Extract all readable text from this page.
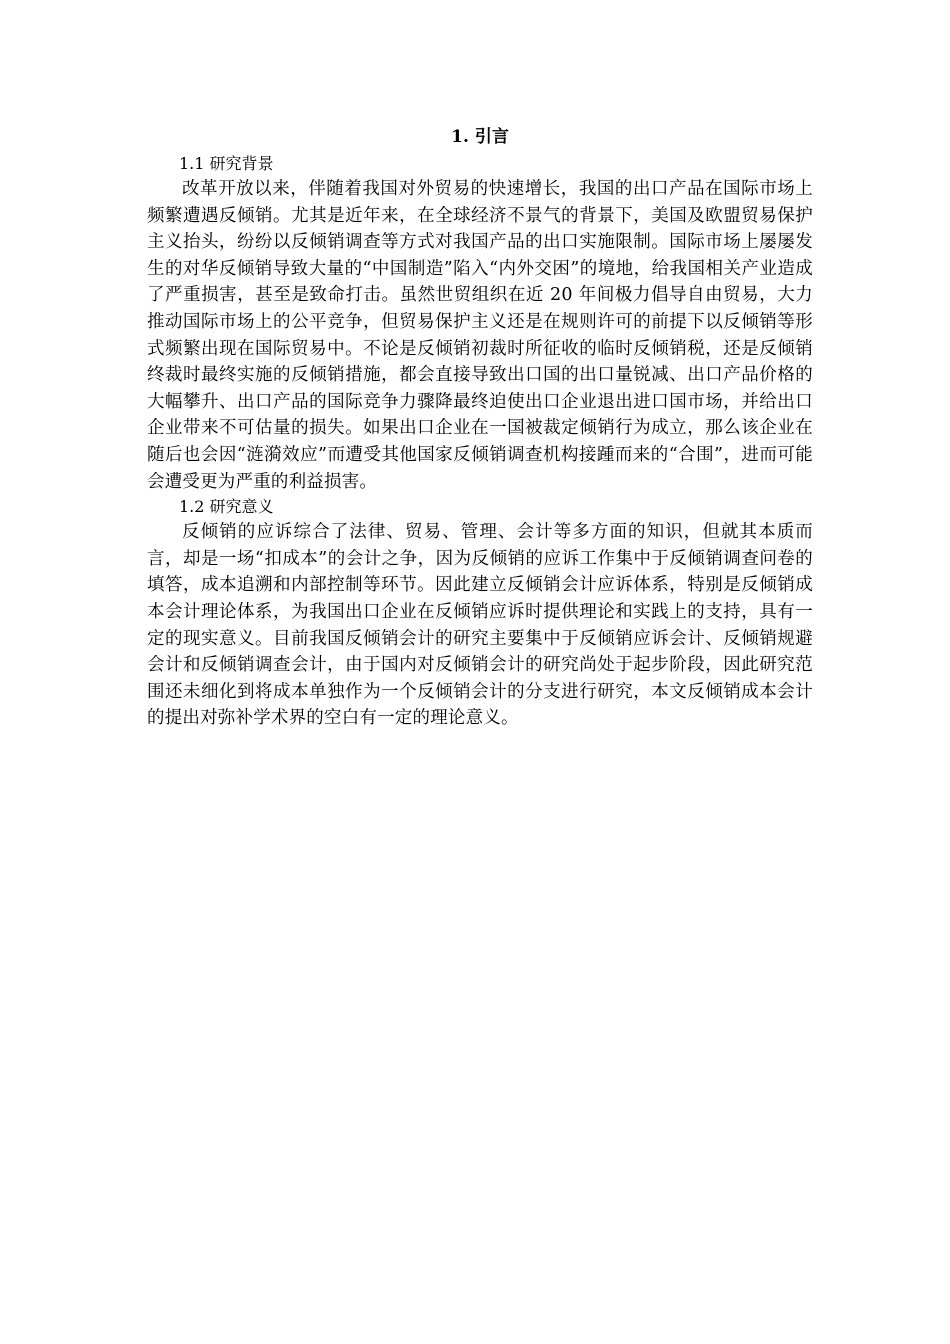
1. 引言

1.1 研究背景

改革开放以来，伴随着我国对外贸易的快速增长，我国的出口产品在国际市场上频繁遭遇反倾销。尤其是近年来，在全球经济不景气的背景下，美国及欧盟贸易保护主义抬头，纷纷以反倾销调查等方式对我国产品的出口实施限制。国际市场上屡屡发生的对华反倾销导致大量的“中国制造”陷入“内外交困”的境地，给我国相关产业造成了严重损害，甚至是致命打击。虽然世贸组织在近 20 年间极力倡导自由贸易，大力推动国际市场上的公平竞争，但贸易保护主义还是在规则许可的前提下以反倾销等形式频繁出现在国际贸易中。不论是反倾销初裁时所征收的临时反倾销税，还是反倾销终裁时最终实施的反倾销措施，都会直接导致出口国的出口量锐减、出口产品价格的大幅攀升、出口产品的国际竞争力骤降最终迫使出口企业退出进口国市场，并给出口企业带来不可估量的损失。如果出口企业在一国被裁定倾销行为成立，那么该企业在随后也会因“涟漪效应”而遭受其他国家反倾销调查机构接踵而来的“合围”，进而可能会遭受更为严重的利益损害。

1.2 研究意义

反倾销的应诉综合了法律、贸易、管理、会计等多方面的知识，但就其本质而言，却是一场“扣成本”的会计之争，因为反倾销的应诉工作集中于反倾销调查问卷的填答，成本追溯和内部控制等环节。因此建立反倾销会计应诉体系，特别是反倾销成本会计理论体系，为我国出口企业在反倾销应诉时提供理论和实践上的支持，具有一定的现实意义。目前我国反倾销会计的研究主要集中于反倾销应诉会计、反倾销规避会计和反倾销调查会计，由于国内对反倾销会计的研究尚处于起步阶段，因此研究范围还未细化到将成本单独作为一个反倾销会计的分支进行研究，本文反倾销成本会计的提出对弥补学术界的空白有一定的理论意义。
